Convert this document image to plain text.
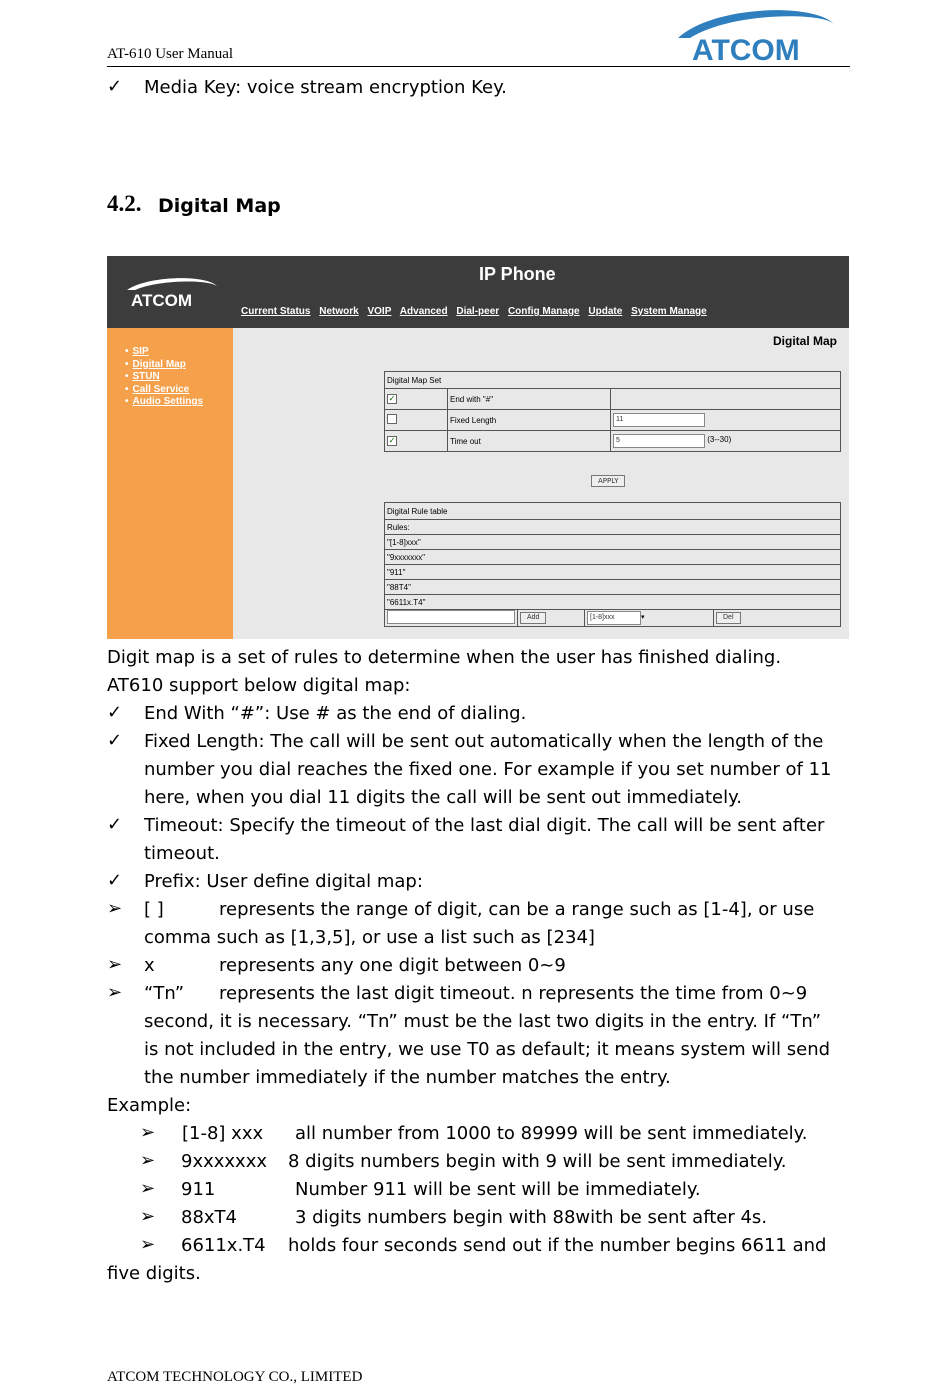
AT-610 User Manual	ATCOM
✓ Media Key: voice stream encryption Key.
4.2. Digital Map
IP Phone
ATCOM
Current Status Network VOIP Advanced Dial-peer Config Manage Update System Manage
• SIP
• Digital Map
• STUN
• Call Service
• Audio Settings
Digital Map
Digital Map Set		
✓	End with "#"	
	Fixed Length	11
✓	Time out	5 (3--30)
APPLY
Digital Rule table
Rules:
"[1-8]xxx"
"9xxxxxxx"
"911"
"88T4"
"6611x.T4"
	Add	[1-8]xxx	▾	Del
Digit map is a set of rules to determine when the user has finished dialing.
AT610 support below digital map:
✓ End With “#”: Use # as the end of dialing.
✓ Fixed Length: The call will be sent out automatically when the length of the
number you dial reaches the fixed one. For example if you set number of 11
here, when you dial 11 digits the call will be sent out immediately.
✓ Timeout: Specify the timeout of the last dial digit. The call will be sent after
timeout.
✓ Prefix: User define digital map:
➢ [ ]	represents the range of digit, can be a range such as [1-4], or use
comma such as [1,3,5], or use a list such as [234]
➢ x	represents any one digit between 0~9
➢ “Tn” represents the last digit timeout. n represents the time from 0~9
second, it is necessary. “Tn” must be the last two digits in the entry. If “Tn”
is not included in the entry, we use T0 as default; it means system will send
the number immediately if the number matches the entry.
Example:
➢ [1-8] xxx all number from 1000 to 89999 will be sent immediately.
➢ 9xxxxxxx 8 digits numbers begin with 9 will be sent immediately.
➢ 911	Number 911 will be sent will be immediately.
➢ 88xT4	3 digits numbers begin with 88with be sent after 4s.
➢ 6611x.T4 holds four seconds send out if the number begins 6611 and
five digits.
ATCOM TECHNOLOGY CO., LIMITED
